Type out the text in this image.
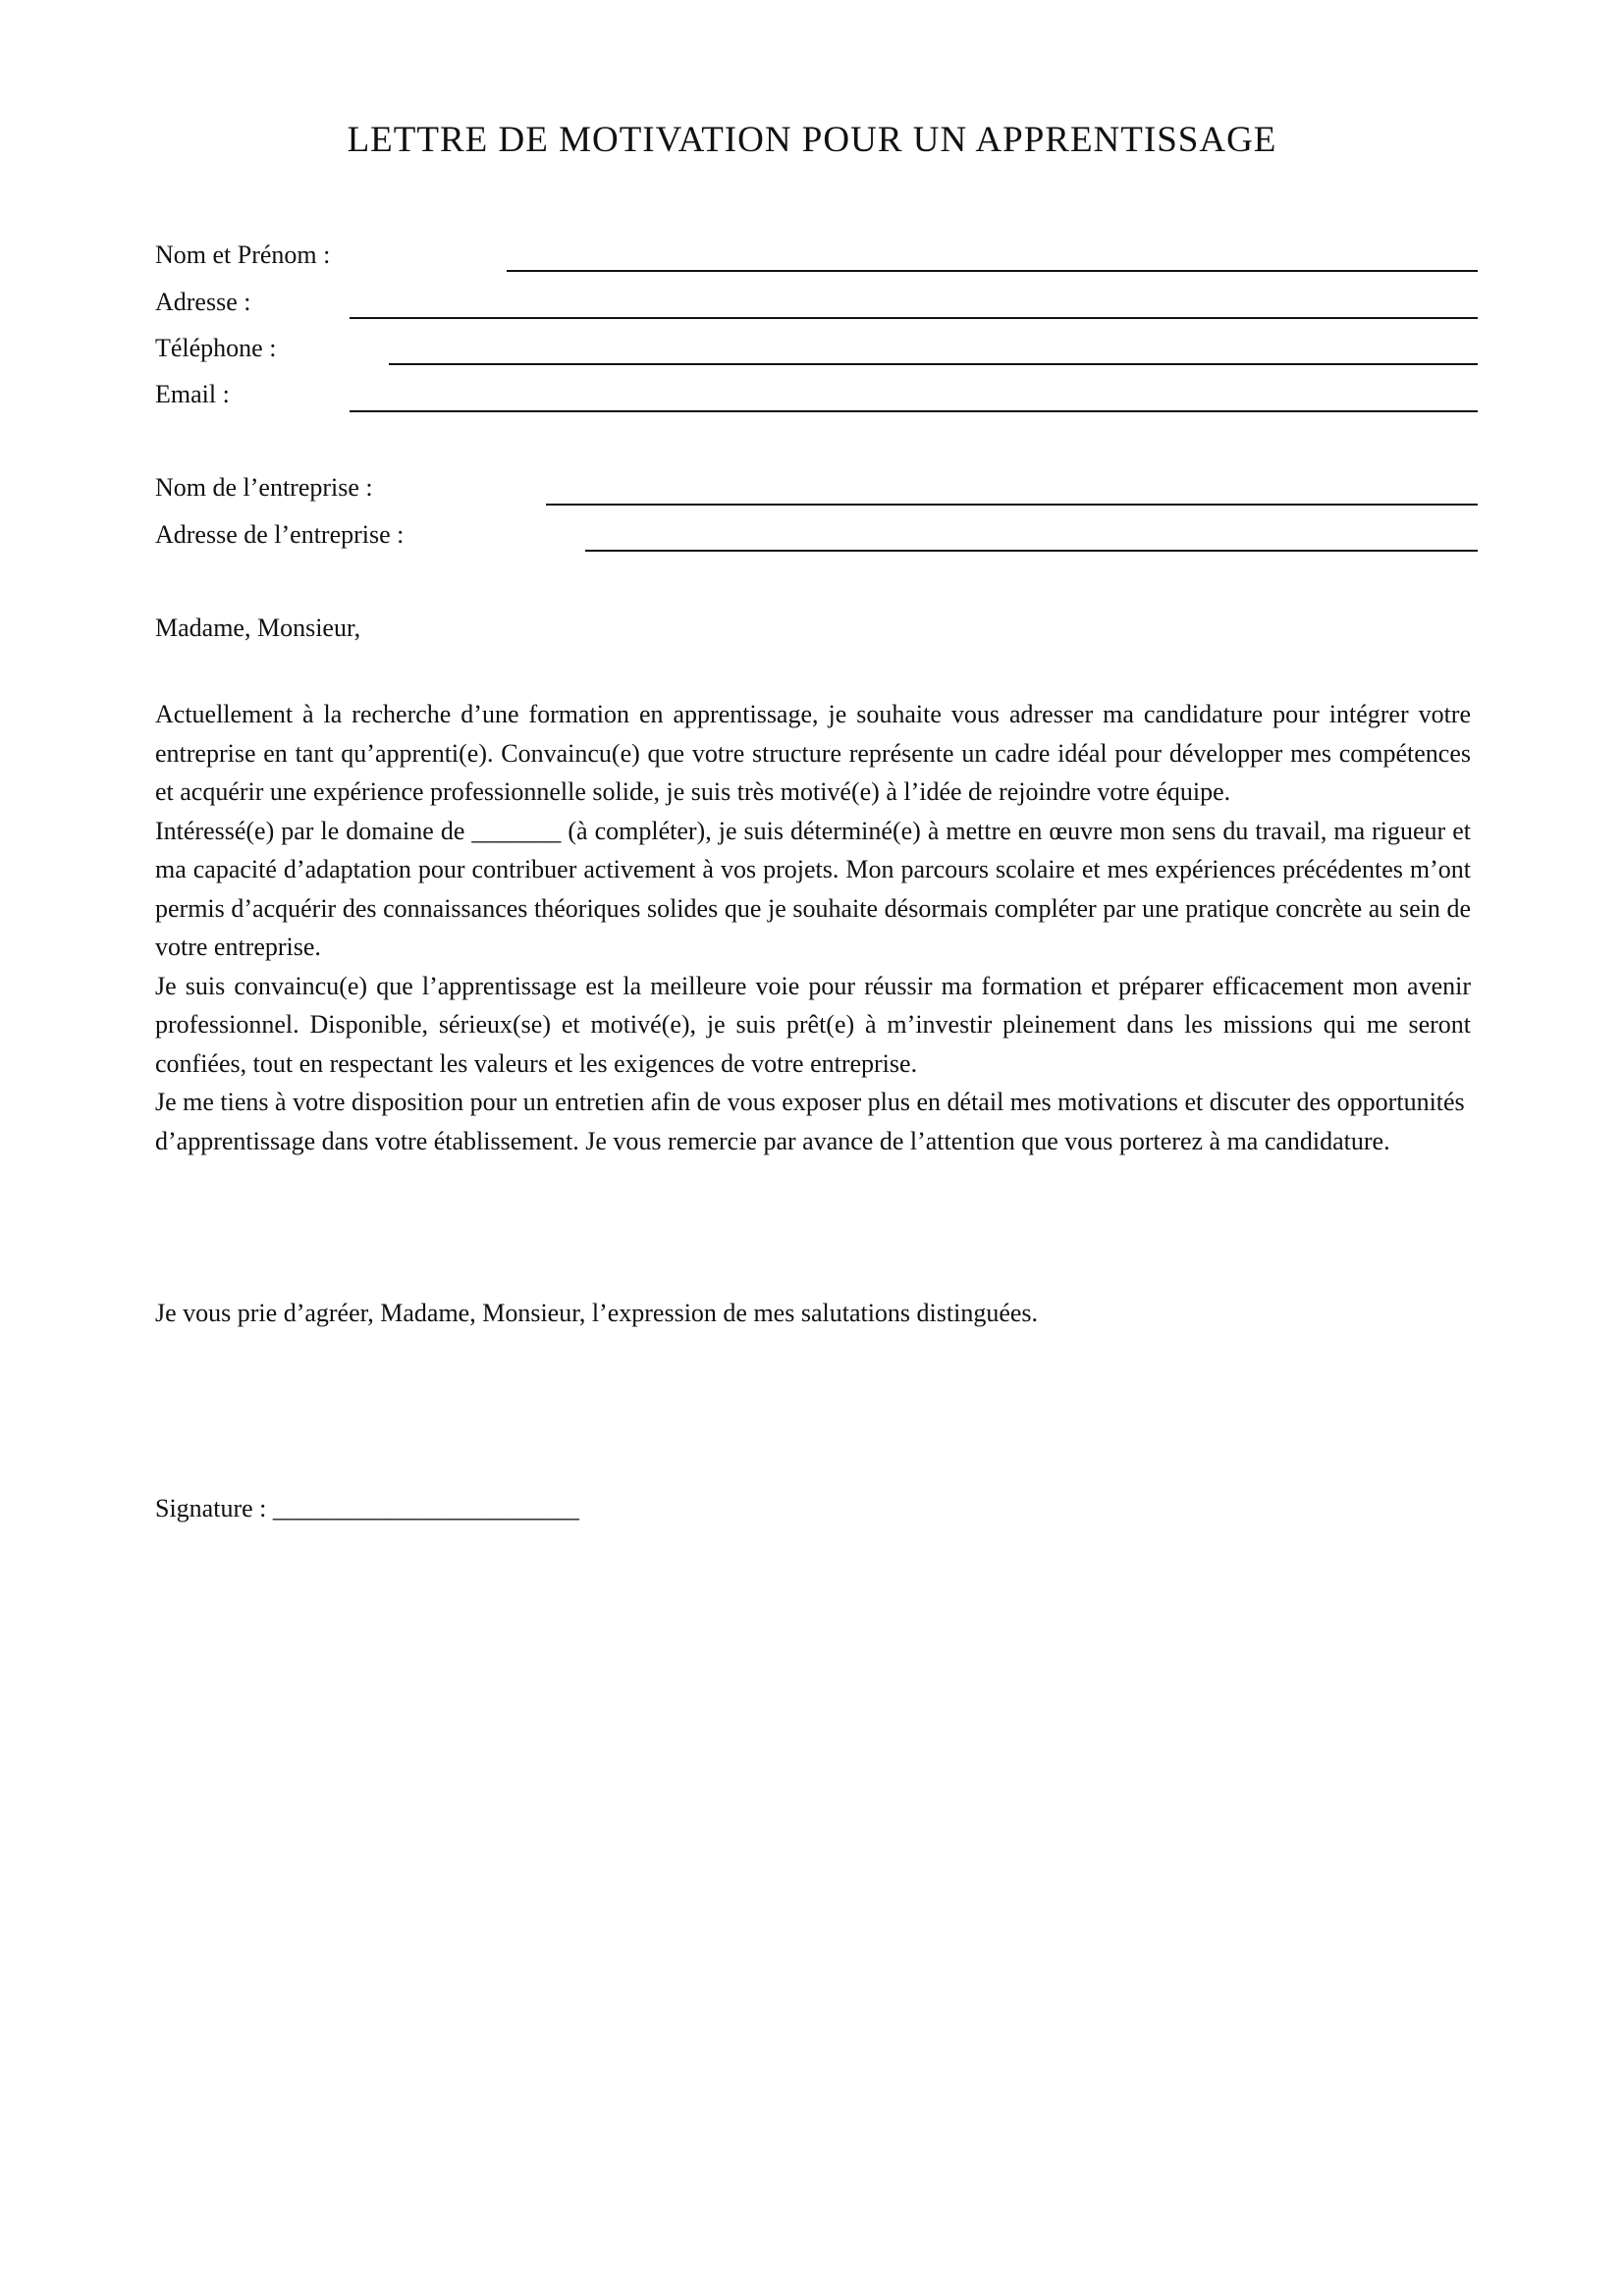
LETTRE DE MOTIVATION POUR UN APPRENTISSAGE
Nom et Prénom :
Adresse :
Téléphone :
Email :
Nom de l’entreprise :
Adresse de l’entreprise :
Madame, Monsieur,

Actuellement à la recherche d’une formation en apprentissage, je souhaite vous adresser ma candidature pour intégrer votre entreprise en tant qu’apprenti(e). Convaincu(e) que votre structure représente un cadre idéal pour développer mes compétences et acquérir une expérience professionnelle solide, je suis très motivé(e) à l’idée de rejoindre votre équipe.

Intéressé(e) par le domaine de _______ (à compléter), je suis déterminé(e) à mettre en œuvre mon sens du travail, ma rigueur et ma capacité d’adaptation pour contribuer activement à vos projets. Mon parcours scolaire et mes expériences précédentes m’ont permis d’acquérir des connaissances théoriques solides que je souhaite désormais compléter par une pratique concrète au sein de votre entreprise.

Je suis convaincu(e) que l’apprentissage est la meilleure voie pour réussir ma formation et préparer efficacement mon avenir professionnel. Disponible, sérieux(se) et motivé(e), je suis prêt(e) à m’investir pleinement dans les missions qui me seront confiées, tout en respectant les valeurs et les exigences de votre entreprise.

Je me tiens à votre disposition pour un entretien afin de vous exposer plus en détail mes motivations et discuter des opportunités d’apprentissage dans votre établissement. Je vous remercie par avance de l’attention que vous porterez à ma candidature.

Je vous prie d’agréer, Madame, Monsieur, l’expression de mes salutations distinguées.
Signature : ________________________
